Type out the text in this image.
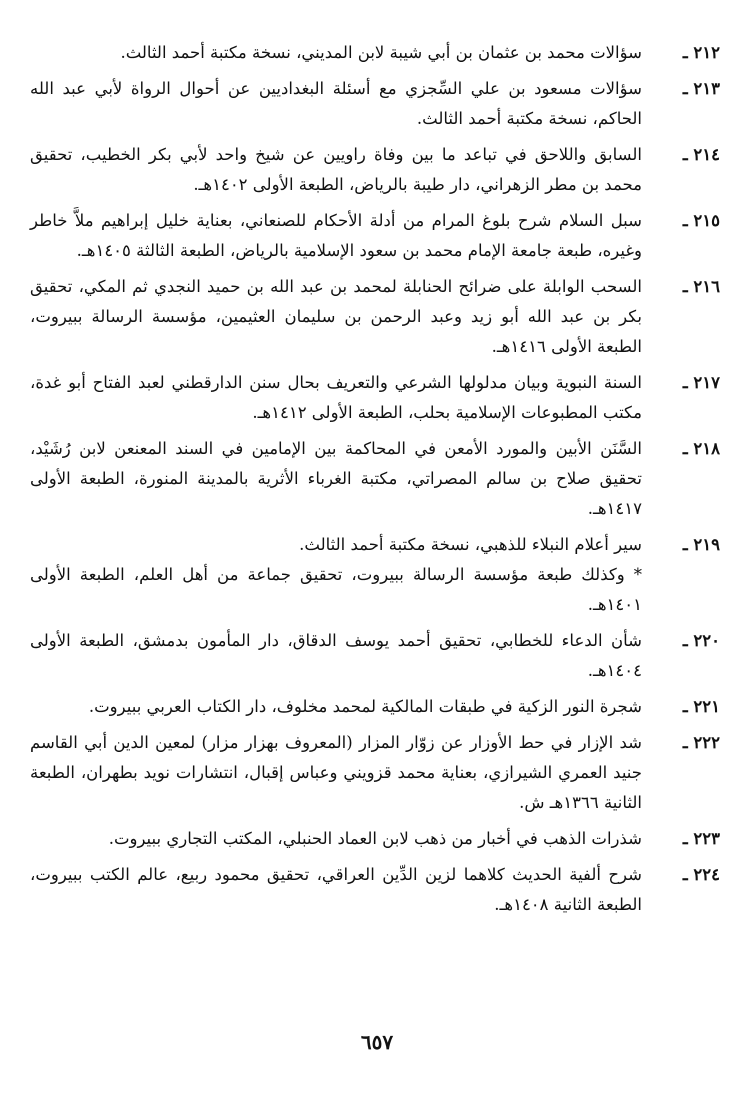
٢١٢ ـ
سؤالات محمد بن عثمان بن أبي شيبة لابن المديني، نسخة مكتبة أحمد الثالث.
٢١٣ ـ
سؤالات مسعود بن علي السِّجزي مع أسئلة البغداديين عن أحوال الرواة لأبي عبد الله الحاكم، نسخة مكتبة أحمد الثالث.
٢١٤ ـ
السابق واللاحق في تباعد ما بين وفاة راويين عن شيخ واحد لأبي بكر الخطيب، تحقيق محمد بن مطر الزهراني، دار طيبة بالرياض، الطبعة الأولى ١٤٠٢هـ.
٢١٥ ـ
سبل السلام شرح بلوغ المرام من أدلة الأحكام للصنعاني، بعناية خليل إبراهيم ملاَّ خاطر وغيره، طبعة جامعة الإمام محمد بن سعود الإسلامية بالرياض، الطبعة الثالثة ١٤٠٥هـ.
٢١٦ ـ
السحب الوابلة على ضرائح الحنابلة لمحمد بن عبد الله بن حميد النجدي ثم المكي، تحقيق بكر بن عبد الله أبو زيد وعبد الرحمن بن سليمان العثيمين، مؤسسة الرسالة ببيروت، الطبعة الأولى ١٤١٦هـ.
٢١٧ ـ
السنة النبوية وبيان مدلولها الشرعي والتعريف بحال سنن الدارقطني لعبد الفتاح أبو غدة، مكتب المطبوعات الإسلامية بحلب، الطبعة الأولى ١٤١٢هـ.
٢١٨ ـ
السَّنَن الأبين والمورد الأمعن في المحاكمة بين الإمامين في السند المعنعن لابن رُشَيْد، تحقيق صلاح بن سالم المصراتي، مكتبة الغرباء الأثرية بالمدينة المنورة، الطبعة الأولى ١٤١٧هـ.
٢١٩ ـ
سير أعلام النبلاء للذهبي، نسخة مكتبة أحمد الثالث.
* وكذلك طبعة مؤسسة الرسالة ببيروت، تحقيق جماعة من أهل العلم، الطبعة الأولى ١٤٠١هـ.
٢٢٠ ـ
شأن الدعاء للخطابي، تحقيق أحمد يوسف الدقاق، دار المأمون بدمشق، الطبعة الأولى ١٤٠٤هـ.
٢٢١ ـ
شجرة النور الزكية في طبقات المالكية لمحمد مخلوف، دار الكتاب العربي ببيروت.
٢٢٢ ـ
شد الإزار في حط الأوزار عن زوّار المزار (المعروف بهزار مزار) لمعين الدين أبي القاسم جنيد العمري الشيرازي، بعناية محمد قزويني وعباس إقبال، انتشارات نويد بطهران، الطبعة الثانية ١٣٦٦هـ ش.
٢٢٣ ـ
شذرات الذهب في أخبار من ذهب لابن العماد الحنبلي، المكتب التجاري ببيروت.
٢٢٤ ـ
شرح ألفية الحديث كلاهما لزين الدِّين العراقي، تحقيق محمود ربيع، عالم الكتب ببيروت، الطبعة الثانية ١٤٠٨هـ.
٦٥٧
